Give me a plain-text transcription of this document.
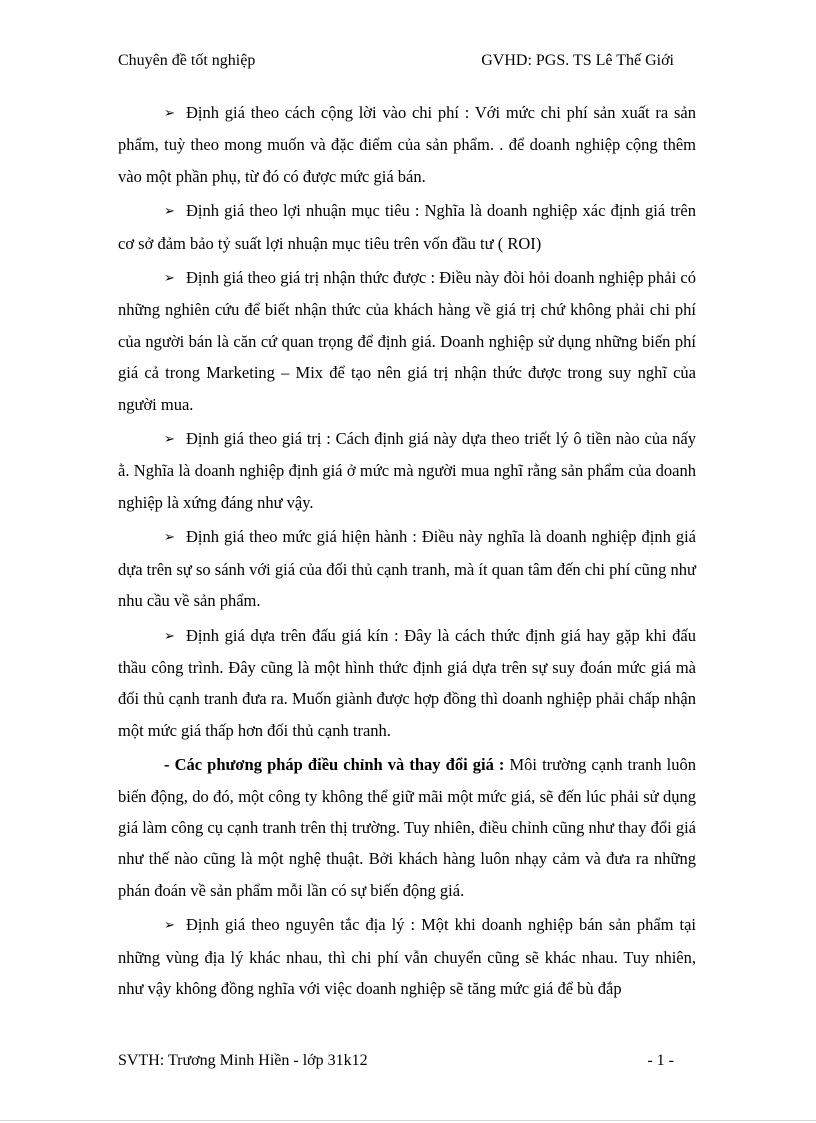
Chuyên đề tốt nghiệp	GVHD: PGS. TS Lê Thế Giới

➢ Định giá theo cách cộng lời vào chi phí : Với mức chi phí sản xuất ra sản phẩm, tuỳ theo mong muốn và đặc điểm của sản phẩm. . để doanh nghiệp cộng thêm vào một phần phụ, từ đó có được mức giá bán.

➢ Định giá theo lợi nhuận mục tiêu : Nghĩa là doanh nghiệp xác định giá trên cơ sở đảm bảo tỷ suất lợi nhuận mục tiêu trên vốn đầu tư ( ROI)

➢ Định giá theo giá trị nhận thức được : Điều này đòi hỏi doanh nghiệp phải có những nghiên cứu để biết nhận thức của khách hàng về giá trị chứ không phải chi phí của người bán là căn cứ quan trọng để định giá. Doanh nghiệp sử dụng những biến phí giá cả trong Marketing – Mix để tạo nên giá trị nhận thức được trong suy nghĩ của người mua.

➢ Định giá theo giá trị : Cách định giá này dựa theo triết lý ô tiền nào của nấy ằ. Nghĩa là doanh nghiệp định giá ở mức mà người mua nghĩ rằng sản phẩm của doanh nghiệp là xứng đáng như vậy.

➢ Định giá theo mức giá hiện hành : Điều này nghĩa là doanh nghiệp định giá dựa trên sự so sánh với giá của đối thủ cạnh tranh, mà ít quan tâm đến chi phí cũng như nhu cầu về sản phẩm.

➢ Định giá dựa trên đấu giá kín : Đây là cách thức định giá hay gặp khi đấu thầu công trình. Đây cũng là một hình thức định giá dựa trên sự suy đoán mức giá mà đối thủ cạnh tranh đưa ra. Muốn giành được hợp đồng thì doanh nghiệp phải chấp nhận một mức giá thấp hơn đối thủ cạnh tranh.

- Các phương pháp điều chỉnh và thay đổi giá : Môi trường cạnh tranh luôn biến động, do đó, một công ty không thể giữ mãi một mức giá, sẽ đến lúc phải sử dụng giá làm công cụ cạnh tranh trên thị trường. Tuy nhiên, điều chỉnh cũng như thay đổi giá như thế nào cũng là một nghệ thuật. Bởi khách hàng luôn nhạy cảm và đưa ra những phán đoán về sản phẩm mỗi lần có sự biến động giá.

➢ Định giá theo nguyên tắc địa lý : Một khi doanh nghiệp bán sản phẩm tại những vùng địa lý khác nhau, thì chi phí vẫn chuyển cũng sẽ khác nhau. Tuy nhiên, như vậy không đồng nghĩa với việc doanh nghiệp sẽ tăng mức giá để bù đắp

SVTH: Trương Minh Hiền - lớp 31k12	- 1 -
